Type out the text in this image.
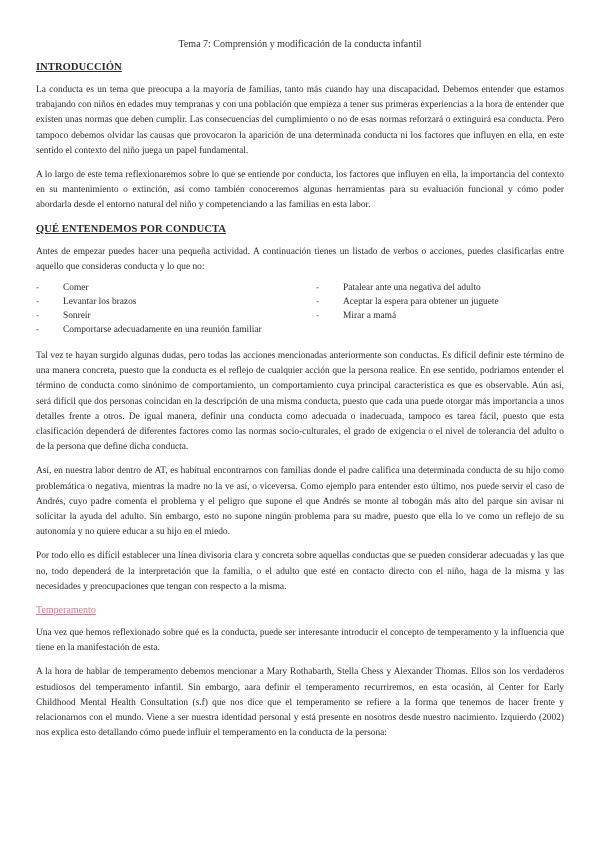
Tema 7: Comprensión y modificación de la conducta infantil
INTRODUCCIÓN

La conducta es un tema que preocupa a la mayoría de familias, tanto más cuando hay una discapacidad. Debemos entender que estamos trabajando con niños en edades muy tempranas y con una población que empieza a tener sus primeras experiencias a la hora de entender que existen unas normas que deben cumplir. Las consecuencias del cumplimiento o no de esas normas reforzará o extinguirá esa conducta. Pero tampoco debemos olvidar las causas que provocaron la aparición de una determinada conducta ni los factores que influyen en ella, en este sentido el contexto del niño juega un papel fundamental.

A lo largo de este tema reflexionaremos sobre lo que se entiende por conducta, los factores que influyen en ella, la importancia del contexto en su mantenimiento o extinción, así como también conoceremos algunas herramientas para su evaluación funcional y cómo poder abordarla desde el entorno natural del niño y competenciando a las familias en esta labor.

QUÉ ENTENDEMOS POR CONDUCTA

Antes de empezar puedes hacer una pequeña actividad. A continuación tienes un listado de verbos o acciones, puedes clasificarlas entre aquello que consideras conducta y lo que no:

-	Comer
-	Levantar los brazos
-	Sonreír
-	Comportarse adecuadamente en una reunión familiar
-	Patalear ante una negativa del adulto
-	Aceptar la espera para obtener un juguete
-	Mirar a mamá

Tal vez te hayan surgido algunas dudas, pero todas las acciones mencionadas anteriormente son conductas. Es difícil definir este término de una manera concreta, puesto que la conducta es el reflejo de cualquier acción que la persona realice. En ese sentido, podríamos entender el término de conducta como sinónimo de comportamiento, un comportamiento cuya principal característica es que es observable. Aún así, será difícil que dos personas coincidan en la descripción de una misma conducta, puesto que cada una puede otorgar más importancia a unos detalles frente a otros. De igual manera, definir una conducta como adecuada o inadecuada, tampoco es tarea fácil, puesto que esta clasificación dependerá de diferentes factores como las normas socio-culturales, el grado de exigencia o el nivel de tolerancia del adulto o de la persona que define dicha conducta.

Así, en nuestra labor dentro de AT, es habitual encontrarnos con familias donde el padre califica una determinada conducta de su hijo como problemática o negativa, mientras la madre no la ve así, o viceversa. Como ejemplo para entender esto último, nos puede servir el caso de Andrés, cuyo padre comenta el problema y el peligro que supone el que Andrés se monte al tobogán más alto del parque sin avisar ni solicitar la ayuda del adulto. Sin embargo, esto no supone ningún problema para su madre, puesto que ella lo ve como un reflejo de su autonomía y no quiere educar a su hijo en el miedo.

Por todo ello es difícil establecer una línea divisoria clara y concreta sobre aquellas conductas que se pueden considerar adecuadas y las que no, todo dependerá de la interpretación que la familia, o el adulto que esté en contacto directo con el niño, haga de la misma y las necesidades y preocupaciones que tengan con respecto a la misma.

Temperamento

Una vez que hemos reflexionado sobre qué es la conducta, puede ser interesante introducir el concepto de temperamento y la influencia que tiene en la manifestación de esta.

A la hora de hablar de temperamento debemos mencionar a Mary Rothabarth, Stella Chess y Alexander Thomas. Ellos son los verdaderos estudiosos del temperamento infantil. Sin embargo, aara definir el temperamento recurriremos, en esta ocasión, al Center for Early Childhood Mental Health Consultation (s.f) que nos dice que el temperamento se refiere a la forma que tenemos de hacer frente y relacionarnos con el mundo. Viene a ser nuestra identidad personal y está presente en nosotros desde nuestro nacimiento. Izquierdo (2002) nos explica esto detallando cómo puede influir el temperamento en la conducta de la persona:
